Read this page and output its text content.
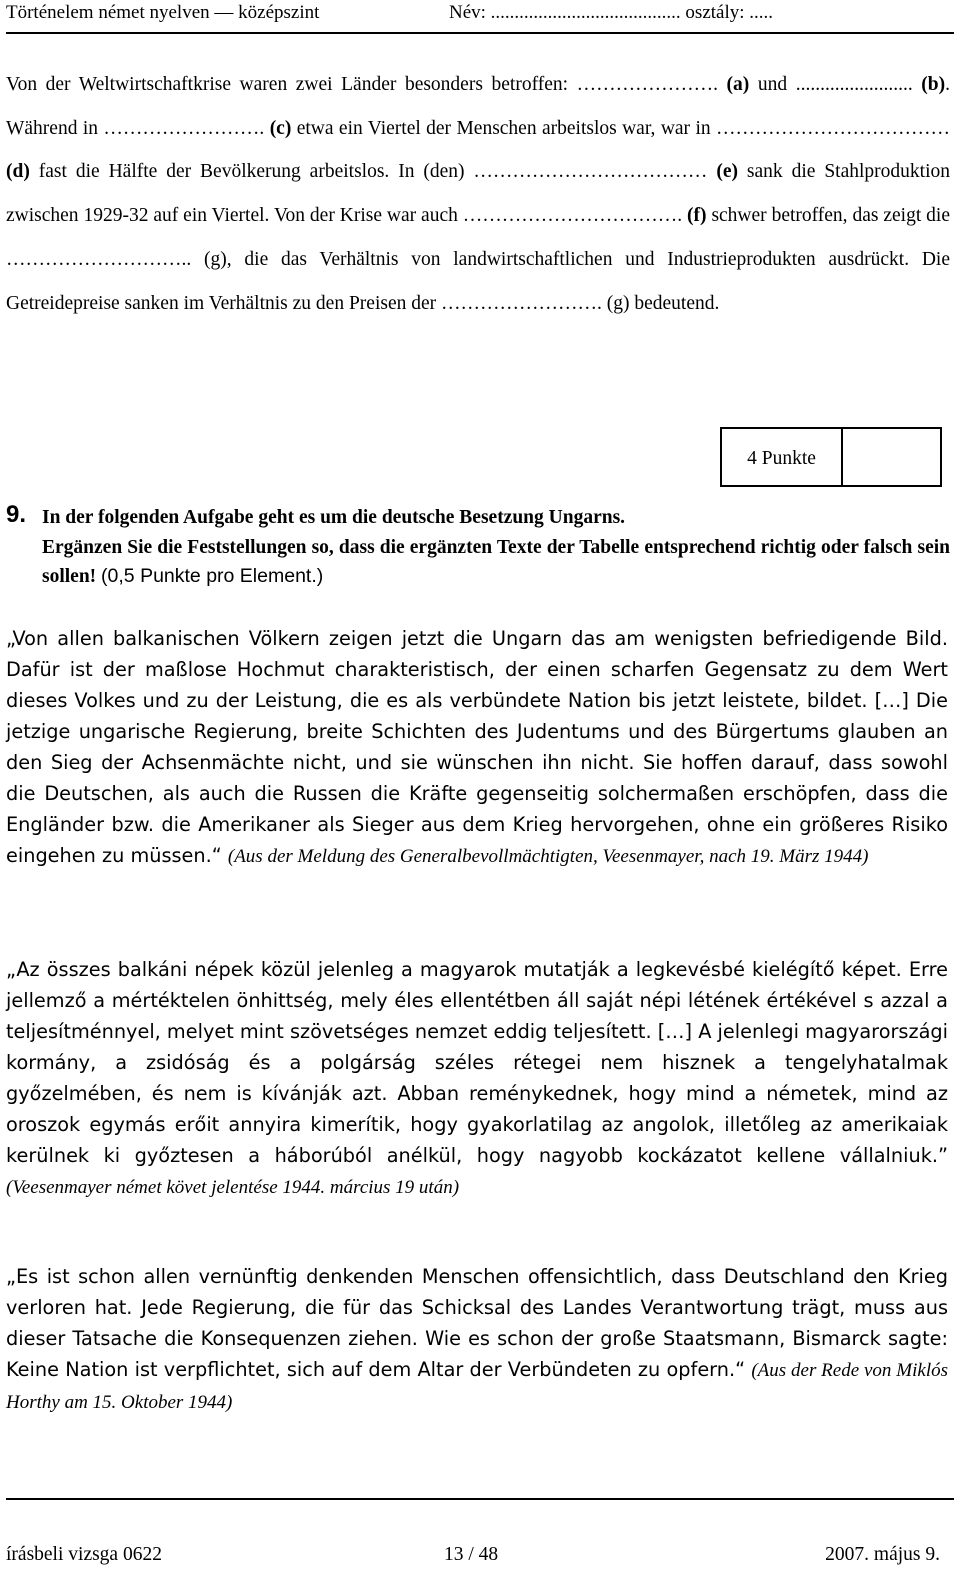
Történelem német nyelven — középszint	Név: ........................................ osztály: .....
Von der Weltwirtschaftkrise waren zwei Länder besonders betroffen: …………………. (a) und ........................ (b). Während in ……………………. (c) etwa ein Viertel der Menschen arbeitslos war, war in ……………………………… (d) fast die Hälfte der Bevölkerung arbeitslos. In (den) ……………………………… (e) sank die Stahlproduktion zwischen 1929-32 auf ein Viertel. Von der Krise war auch ……………………………. (f) schwer betroffen, das zeigt die ……………………….. (g), die das Verhältnis von landwirtschaftlichen und Industrieprodukten ausdrückt. Die Getreidepreise sanken im Verhältnis zu den Preisen der ……………………. (g) bedeutend.
4 Punkte
9. In der folgenden Aufgabe geht es um die deutsche Besetzung Ungarns.
Ergänzen Sie die Feststellungen so, dass die ergänzten Texte der Tabelle entsprechend richtig oder falsch sein sollen! (0,5 Punkte pro Element.)
„Von allen balkanischen Völkern zeigen jetzt die Ungarn das am wenigsten befriedigende Bild. Dafür ist der maßlose Hochmut charakteristisch, der einen scharfen Gegensatz zu dem Wert dieses Volkes und zu der Leistung, die es als verbündete Nation bis jetzt leistete, bildet. […] Die jetzige ungarische Regierung, breite Schichten des Judentums und des Bürgertums glauben an den Sieg der Achsenmächte nicht, und sie wünschen ihn nicht. Sie hoffen darauf, dass sowohl die Deutschen, als auch die Russen die Kräfte gegenseitig solchermaßen erschöpfen, dass die Engländer bzw. die Amerikaner als Sieger aus dem Krieg hervorgehen, ohne ein größeres Risiko eingehen zu müssen.“ (Aus der Meldung des Generalbevollmächtigten, Veesenmayer, nach 19. März 1944)
„Az összes balkáni népek közül jelenleg a magyarok mutatják a legkevésbé kielégítő képet. Erre jellemző a mértéktelen önhittség, mely éles ellentétben áll saját népi létének értékével s azzal a teljesítménnyel, melyet mint szövetséges nemzet eddig teljesített. […] A jelenlegi magyarországi kormány, a zsidóság és a polgárság széles rétegei nem hisznek a tengelyhatalmak győzelmében, és nem is kívánják azt. Abban reménykednek, hogy mind a németek, mind az oroszok egymás erőit annyira kimerítik, hogy gyakorlatilag az angolok, illetőleg az amerikaiak kerülnek ki győztesen a háborúból anélkül, hogy nagyobb kockázatot kellene vállalniuk.” (Veesenmayer német követ jelentése 1944. március 19 után)
„Es ist schon allen vernünftig denkenden Menschen offensichtlich, dass Deutschland den Krieg verloren hat. Jede Regierung, die für das Schicksal des Landes Verantwortung trägt, muss aus dieser Tatsache die Konsequenzen ziehen. Wie es schon der große Staatsmann, Bismarck sagte: Keine Nation ist verpflichtet, sich auf dem Altar der Verbündeten zu opfern.“ (Aus der Rede von Miklós Horthy am 15. Oktober 1944)
írásbeli vizsga 0622	13 / 48	2007. május 9.
